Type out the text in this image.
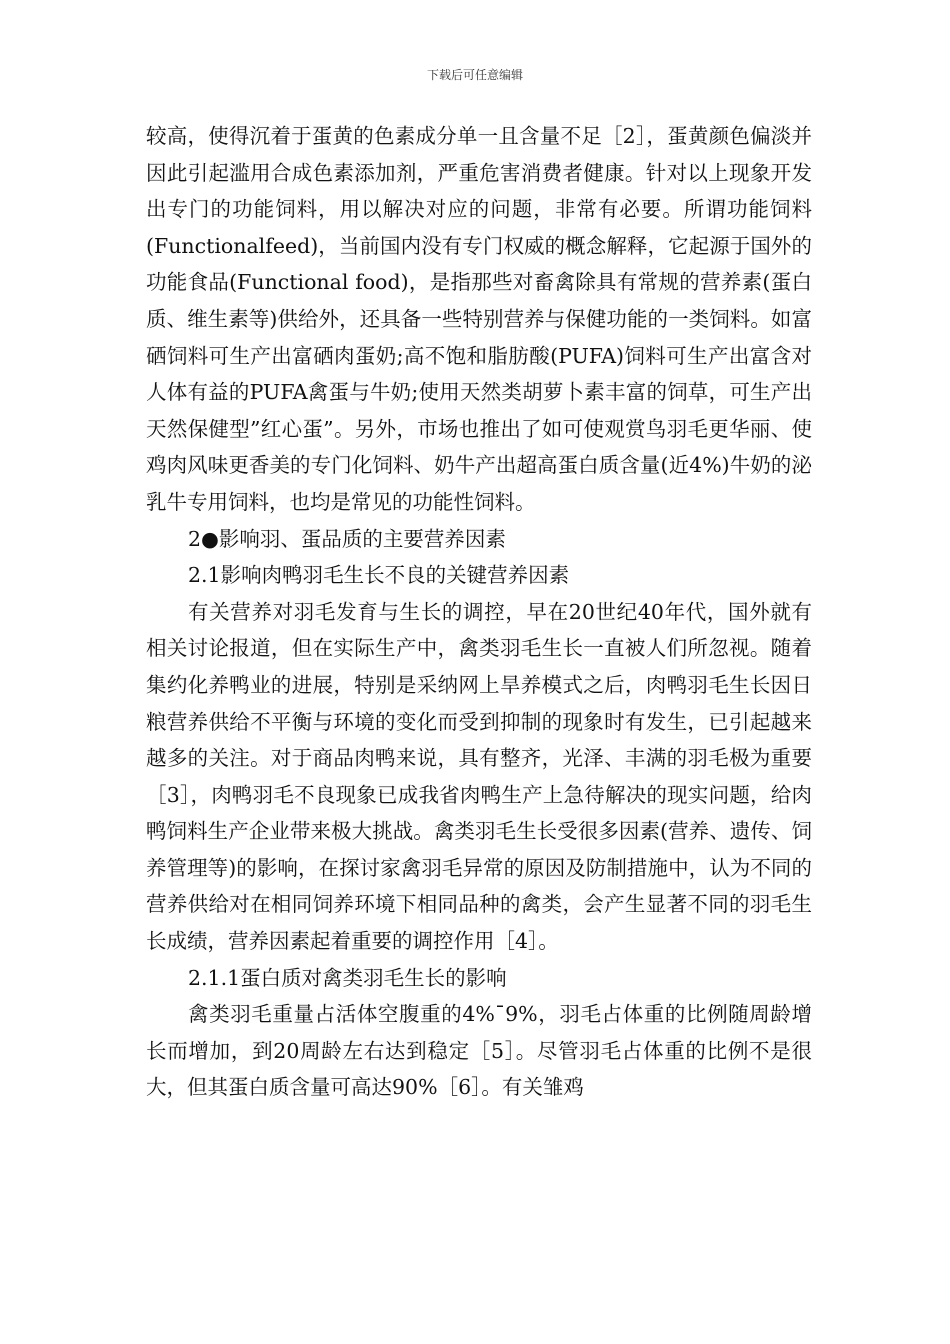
下载后可任意编辑

较高，使得沉着于蛋黄的色素成分单一且含量不足［2］，蛋黄颜色偏淡并因此引起滥用合成色素添加剂，严重危害消费者健康。针对以上现象开发出专门的功能饲料，用以解决对应的问题，非常有必要。所谓功能饲料(Functionalfeed)，当前国内没有专门权威的概念解释，它起源于国外的功能食品(Functional food)，是指那些对畜禽除具有常规的营养素(蛋白质、维生素等)供给外，还具备一些特别营养与保健功能的一类饲料。如富硒饲料可生产出富硒肉蛋奶;高不饱和脂肪酸(PUFA)饲料可生产出富含对人体有益的PUFA禽蛋与牛奶;使用天然类胡萝卜素丰富的饲草，可生产出天然保健型”红心蛋”。另外，市场也推出了如可使观赏鸟羽毛更华丽、使鸡肉风味更香美的专门化饲料、奶牛产出超高蛋白质含量(近4%)牛奶的泌乳牛专用饲料，也均是常见的功能性饲料。

2●影响羽、蛋品质的主要营养因素

2.1影响肉鸭羽毛生长不良的关键营养因素

有关营养对羽毛发育与生长的调控，早在20世纪40年代，国外就有相关讨论报道，但在实际生产中，禽类羽毛生长一直被人们所忽视。随着集约化养鸭业的进展，特别是采纳网上旱养模式之后，肉鸭羽毛生长因日粮营养供给不平衡与环境的变化而受到抑制的现象时有发生，已引起越来越多的关注。对于商品肉鸭来说，具有整齐，光泽、丰满的羽毛极为重要［3］，肉鸭羽毛不良现象已成我省肉鸭生产上急待解决的现实问题，给肉鸭饲料生产企业带来极大挑战。禽类羽毛生长受很多因素(营养、遗传、饲养管理等)的影响，在探讨家禽羽毛异常的原因及防制措施中，认为不同的营养供给对在相同饲养环境下相同品种的禽类，会产生显著不同的羽毛生长成绩，营养因素起着重要的调控作用［4］。

2.1.1蛋白质对禽类羽毛生长的影响

禽类羽毛重量占活体空腹重的4%¯9%，羽毛占体重的比例随周龄增长而增加，到20周龄左右达到稳定［5］。尽管羽毛占体重的比例不是很大，但其蛋白质含量可高达90%［6］。有关雏鸡
